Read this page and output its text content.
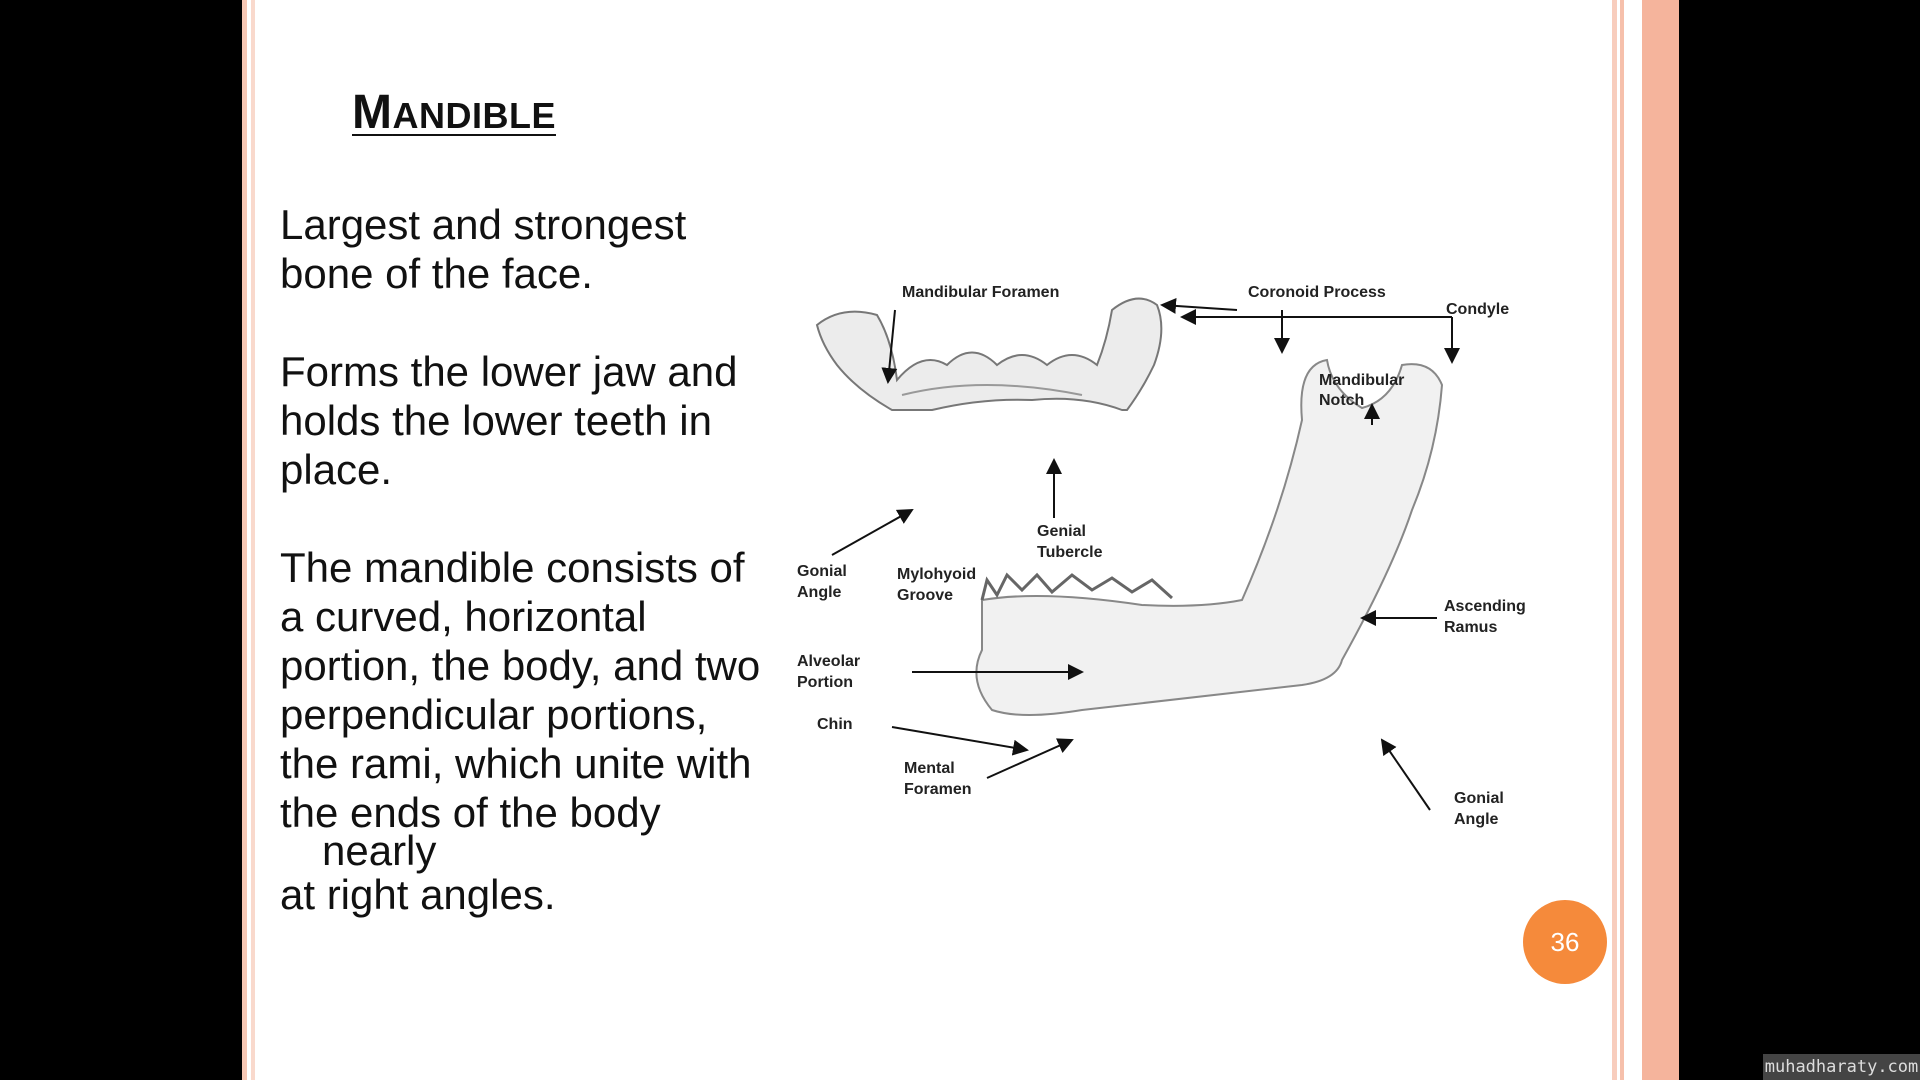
MANDIBLE

Largest and strongest
bone of the face.

Forms the lower jaw and
holds the lower teeth in
place.

The mandible consists of
a curved, horizontal
portion, the body, and two
perpendicular portions,
the rami, which unite with
the ends of the body

nearly

at right angles.

Mandibular Foramen	Coronoid Process
Condyle
Mandibular
Notch
Genial
Tubercle
Gonial
Angle
Mylohyoid
Groove
Ascending
Ramus
Alveolar
Portion
Chin
Mental
Foramen
Gonial
Angle
36
muhadharaty.com
